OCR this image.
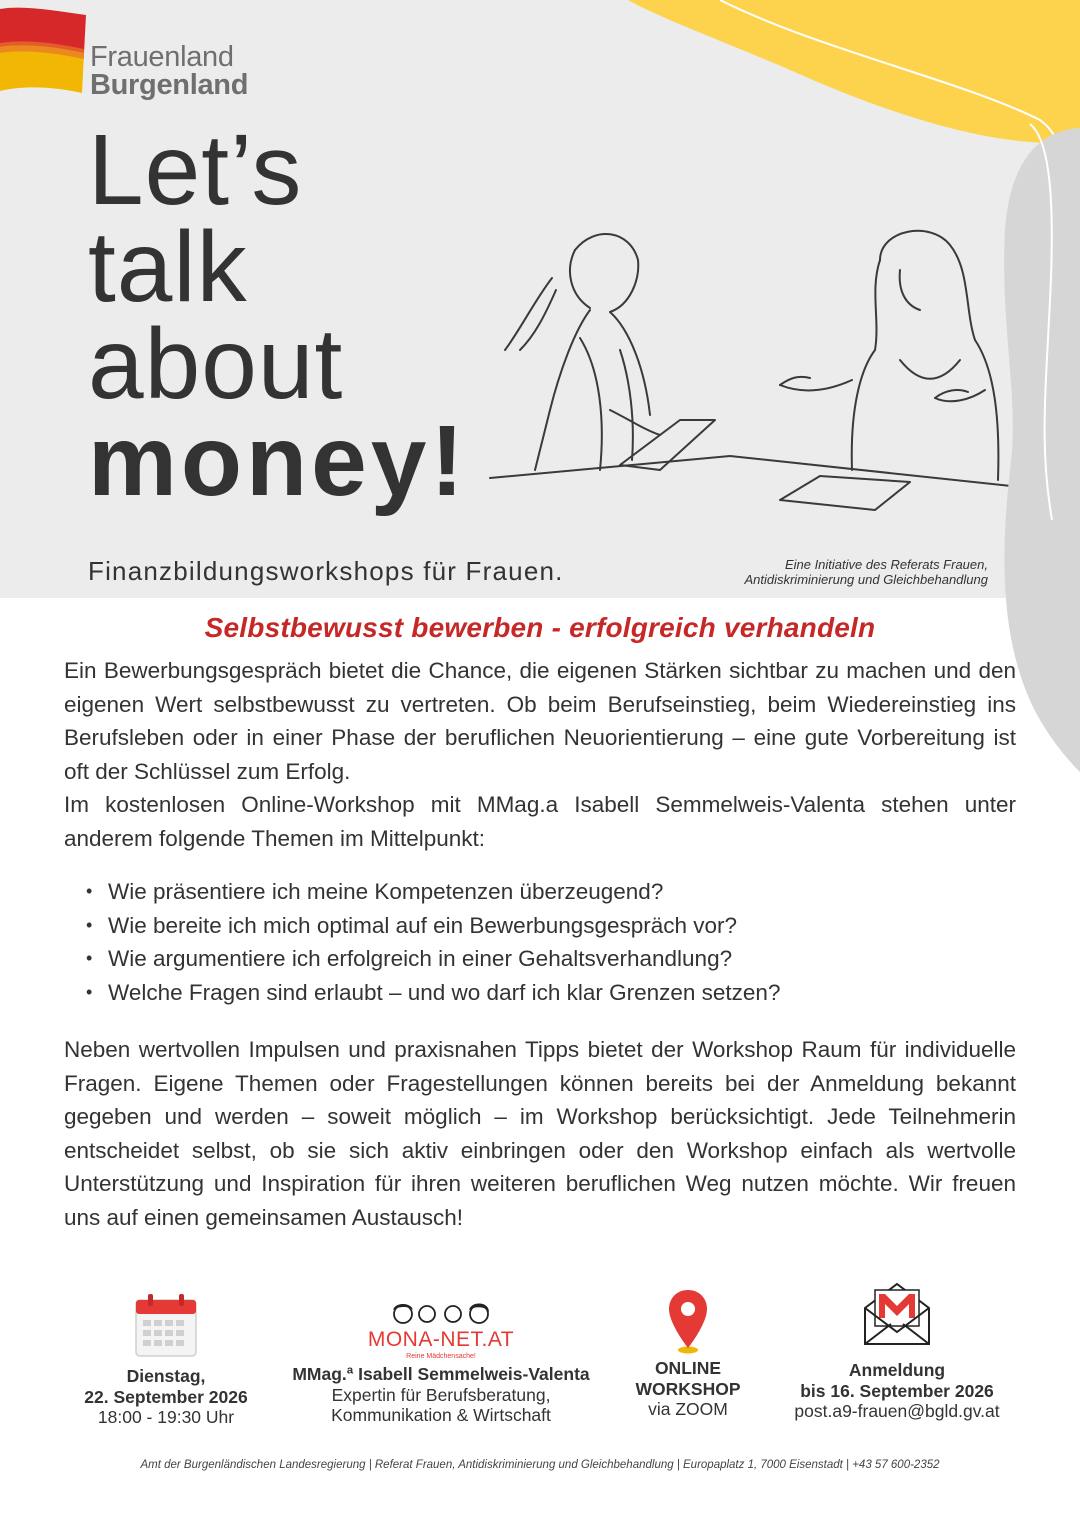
Frauenland
Burgenland
Let’s
talk
about
money!
Finanzbildungsworkshops für Frauen.	Eine Initiative des Referats Frauen,
Antidiskriminierung und Gleichbehandlung
Selbstbewusst bewerben - erfolgreich verhandeln

Ein Bewerbungsgespräch bietet die Chance, die eigenen Stärken sichtbar zu machen und den eigenen Wert selbstbewusst zu vertreten. Ob beim Berufseinstieg, beim Wiedereinstieg ins Berufsleben oder in einer Phase der beruflichen Neuorientierung – eine gute Vorbereitung ist oft der Schlüssel zum Erfolg.

Im kostenlosen Online-Workshop mit MMag.a Isabell Semmelweis-Valenta stehen unter anderem folgende Themen im Mittelpunkt:

• Wie präsentiere ich meine Kompetenzen überzeugend?
• Wie bereite ich mich optimal auf ein Bewerbungsgespräch vor?
• Wie argumentiere ich erfolgreich in einer Gehaltsverhandlung?
• Welche Fragen sind erlaubt – und wo darf ich klar Grenzen setzen?

Neben wertvollen Impulsen und praxisnahen Tipps bietet der Workshop Raum für individuelle Fragen. Eigene Themen oder Fragestellungen können bereits bei der Anmeldung bekannt gegeben und werden – soweit möglich – im Workshop berücksichtigt. Jede Teilnehmerin entscheidet selbst, ob sie sich aktiv einbringen oder den Workshop einfach als wertvolle Unterstützung und Inspiration für ihren weiteren beruflichen Weg nutzen möchte. Wir freuen uns auf einen gemeinsamen Austausch!

Dienstag,
22. September 2026
18:00 - 19:30 Uhr
MONA-NET.AT
Reine Mädchensache!
MMag.ª Isabell Semmelweis-Valenta
Expertin für Berufsberatung,
Kommunikation & Wirtschaft
ONLINE
WORKSHOP
via ZOOM
Anmeldung
bis 16. September 2026
post.a9-frauen@bgld.gv.at
Amt der Burgenländischen Landesregierung | Referat Frauen, Antidiskriminierung und Gleichbehandlung | Europaplatz 1, 7000 Eisenstadt | +43 57 600-2352
